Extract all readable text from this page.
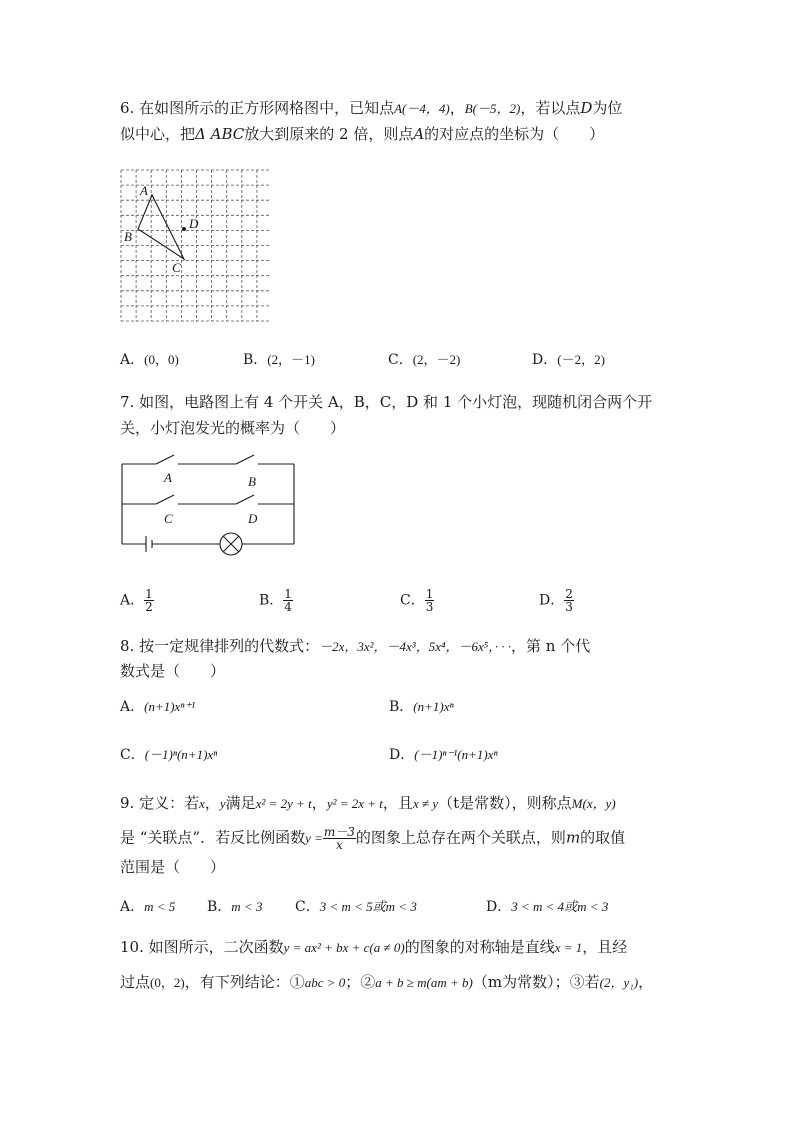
6. 在如图所示的正方形网格图中，已知点A(－4，4)，B(－5，2)，若以点D为位
似中心，把Δ ABC放大到原来的 2 倍，则点A的对应点的坐标为（　　）
A
B
C
D
A．(0，0)	B．(2，－1)	C．(2，－2)	D．(－2，2)
7. 如图，电路图上有 4 个开关 A，B，C，D 和 1 个小灯泡，现随机闭合两个开
关，小灯泡发光的概率为（　　）
A	B
C	D
A． $\frac{1}{2}$	B． $\frac{1}{4}$	C． $\frac{1}{3}$	D． $\frac{2}{3}$
8. 按一定规律排列的代数式：－2x，3x²，－4x³，5x⁴，－6x⁵，· · ·，第 n 个代
数式是（　　）
A．(n+1)xⁿ⁺¹	B．(n+1)xⁿ
C．(－1)ⁿ(n+1)xⁿ	D．(－1)ⁿ⁻¹(n+1)xⁿ
9. 定义：若x，y满足x² = 2y + t，y² = 2x + t，且x ≠ y（t是常数），则称点M(x，y)
是 “关联点”．若反比例函数$y = \frac{m-3}{x}$ 的图象上总存在两个关联点，则m的取值
范围是（　　）
A．m < 5 B．m < 3 C．3 < m < 5或m < 3	D．3 < m < 4或m < 3
10. 如图所示，二次函数y = ax² + bx + c(a ≠ 0)的图象的对称轴是直线x = 1，且经
过点(0，2)，有下列结论：①abc > 0；②a + b ≥ m(am + b)（m为常数）；③若(2，y₁)，
